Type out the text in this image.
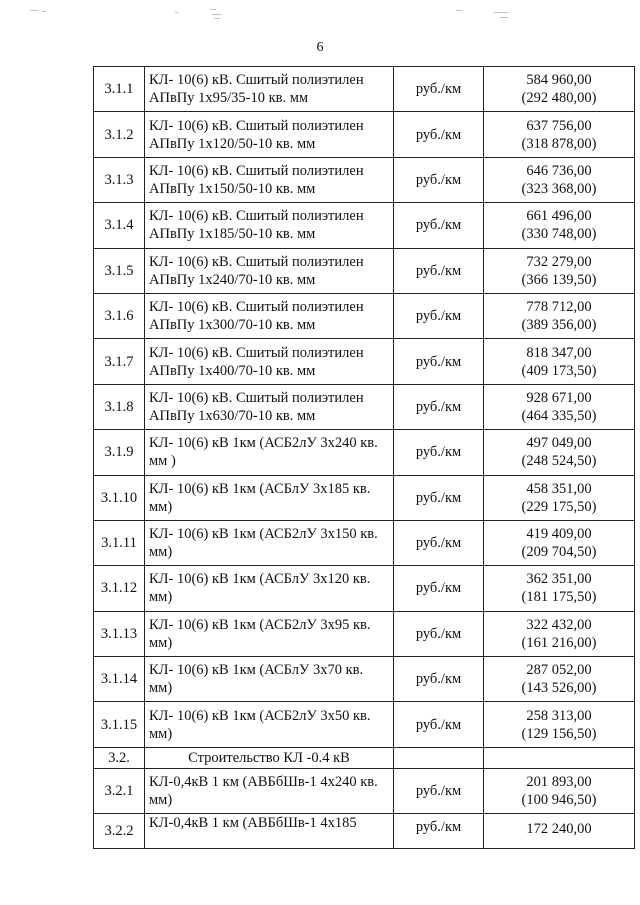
6
3.1.1	КЛ- 10(6) кВ. Сшитый полиэтилен АПвПу 1х95/35-10 кв. мм	руб./км	584 960,00
(292 480,00)

3.1.2	КЛ- 10(6) кВ. Сшитый полиэтилен АПвПу 1х120/50-10 кв. мм	руб./км	637 756,00
(318 878,00)

3.1.3	КЛ- 10(6) кВ. Сшитый полиэтилен АПвПу 1х150/50-10 кв. мм	руб./км	646 736,00
(323 368,00)

3.1.4	КЛ- 10(6) кВ. Сшитый полиэтилен АПвПу 1х185/50-10 кв. мм	руб./км	661 496,00
(330 748,00)

3.1.5	КЛ- 10(6) кВ. Сшитый полиэтилен АПвПу 1х240/70-10 кв. мм	руб./км	732 279,00
(366 139,50)

3.1.6	КЛ- 10(6) кВ. Сшитый полиэтилен АПвПу 1х300/70-10 кв. мм	руб./км	778 712,00
(389 356,00)

3.1.7	КЛ- 10(6) кВ. Сшитый полиэтилен АПвПу 1х400/70-10 кв. мм	руб./км	818 347,00
(409 173,50)

3.1.8	КЛ- 10(6) кВ. Сшитый полиэтилен АПвПу 1х630/70-10 кв. мм	руб./км	928 671,00
(464 335,50)

3.1.9	КЛ- 10(6) кВ 1км (АСБ2лУ 3х240 кв. мм )	руб./км	497 049,00
(248 524,50)

3.1.10	КЛ- 10(6) кВ 1км (АСБлУ 3х185 кв. мм)	руб./км	458 351,00
(229 175,50)

3.1.11	КЛ- 10(6) кВ 1км (АСБ2лУ 3х150 кв. мм)	руб./км	419 409,00
(209 704,50)

3.1.12	КЛ- 10(6) кВ 1км (АСБлУ 3х120 кв. мм)	руб./км	362 351,00
(181 175,50)

3.1.13	КЛ- 10(6) кВ 1км (АСБ2лУ 3х95 кв. мм)	руб./км	322 432,00
(161 216,00)

3.1.14	КЛ- 10(6) кВ 1км (АСБлУ 3х70 кв. мм)	руб./км	287 052,00
(143 526,00)

3.1.15	КЛ- 10(6) кВ 1км (АСБ2лУ 3х50 кв. мм)	руб./км	258 313,00
(129 156,50)

3.2.	Строительство КЛ -0.4 кВ		
3.2.1	КЛ-0,4кВ 1 км (АВБбШв-1 4х240 кв. мм)	руб./км	201 893,00
(100 946,50)

3.2.2	КЛ-0,4кВ 1 км (АВБбШв-1 4х185	руб./км	172 240,00
